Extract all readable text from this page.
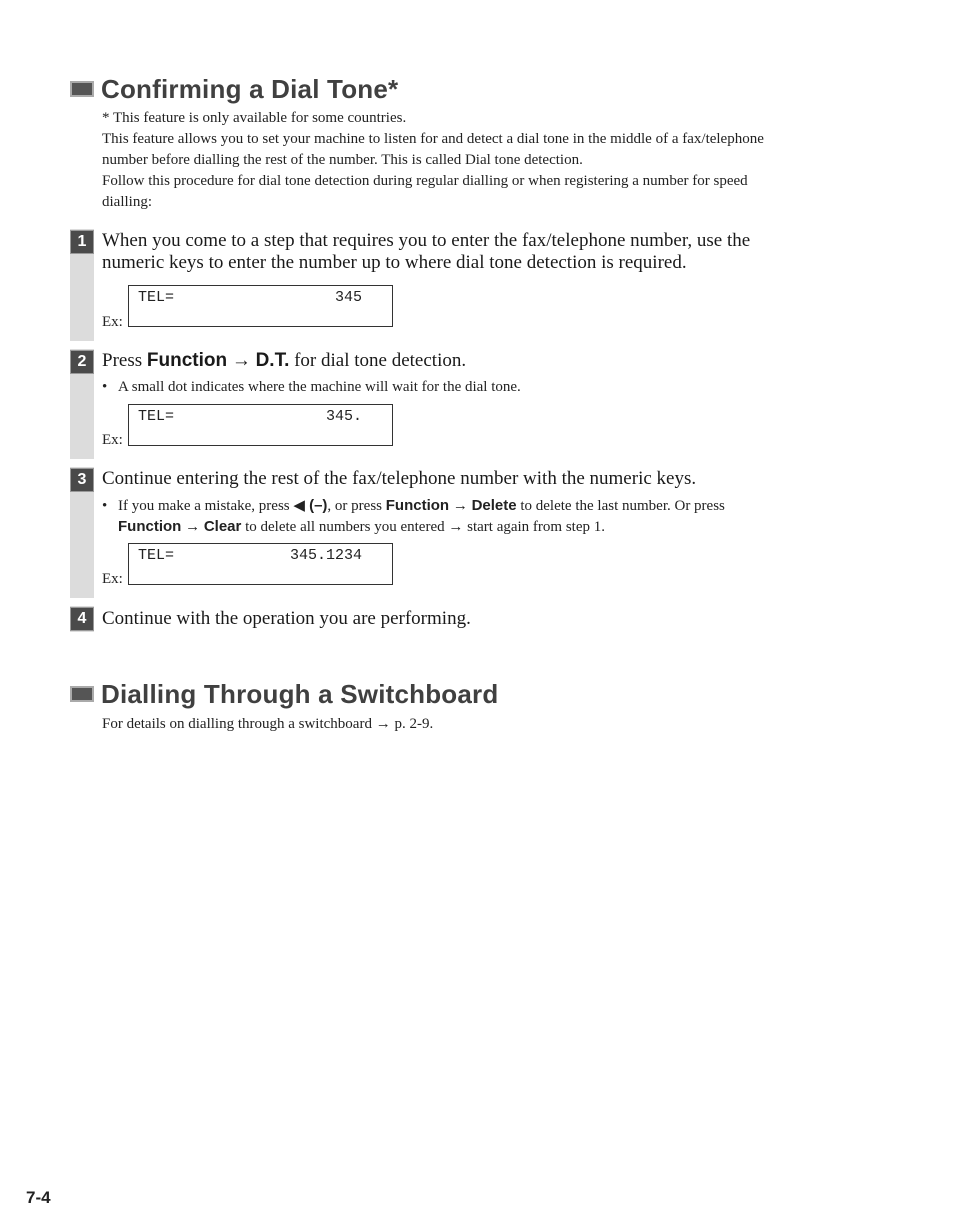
Confirming a Dial Tone*
* This feature is only available for some countries.
This feature allows you to set your machine to listen for and detect a dial tone in the middle of a fax/telephone
number before dialling the rest of the number. This is called Dial tone detection.
Follow this procedure for dial tone detection during regular dialling or when registering a number for speed
dialling:
1 When you come to a step that requires you to enter the fax/telephone number, use the
numeric keys to enter the number up to where dial tone detection is required.
Ex:
TEL=	345
2 Press Function → D.T. for dial tone detection.
• A small dot indicates where the machine will wait for the dial tone.
Ex:
TEL=	345.
3 Continue entering the rest of the fax/telephone number with the numeric keys.
• If you make a mistake, press ◀ (–), or press Function → Delete to delete the last number. Or press
Function → Clear to delete all numbers you entered → start again from step 1.
Ex:
TEL=	345.1234
4 Continue with the operation you are performing.
Dialling Through a Switchboard
For details on dialling through a switchboard → p. 2-9.
7-4
